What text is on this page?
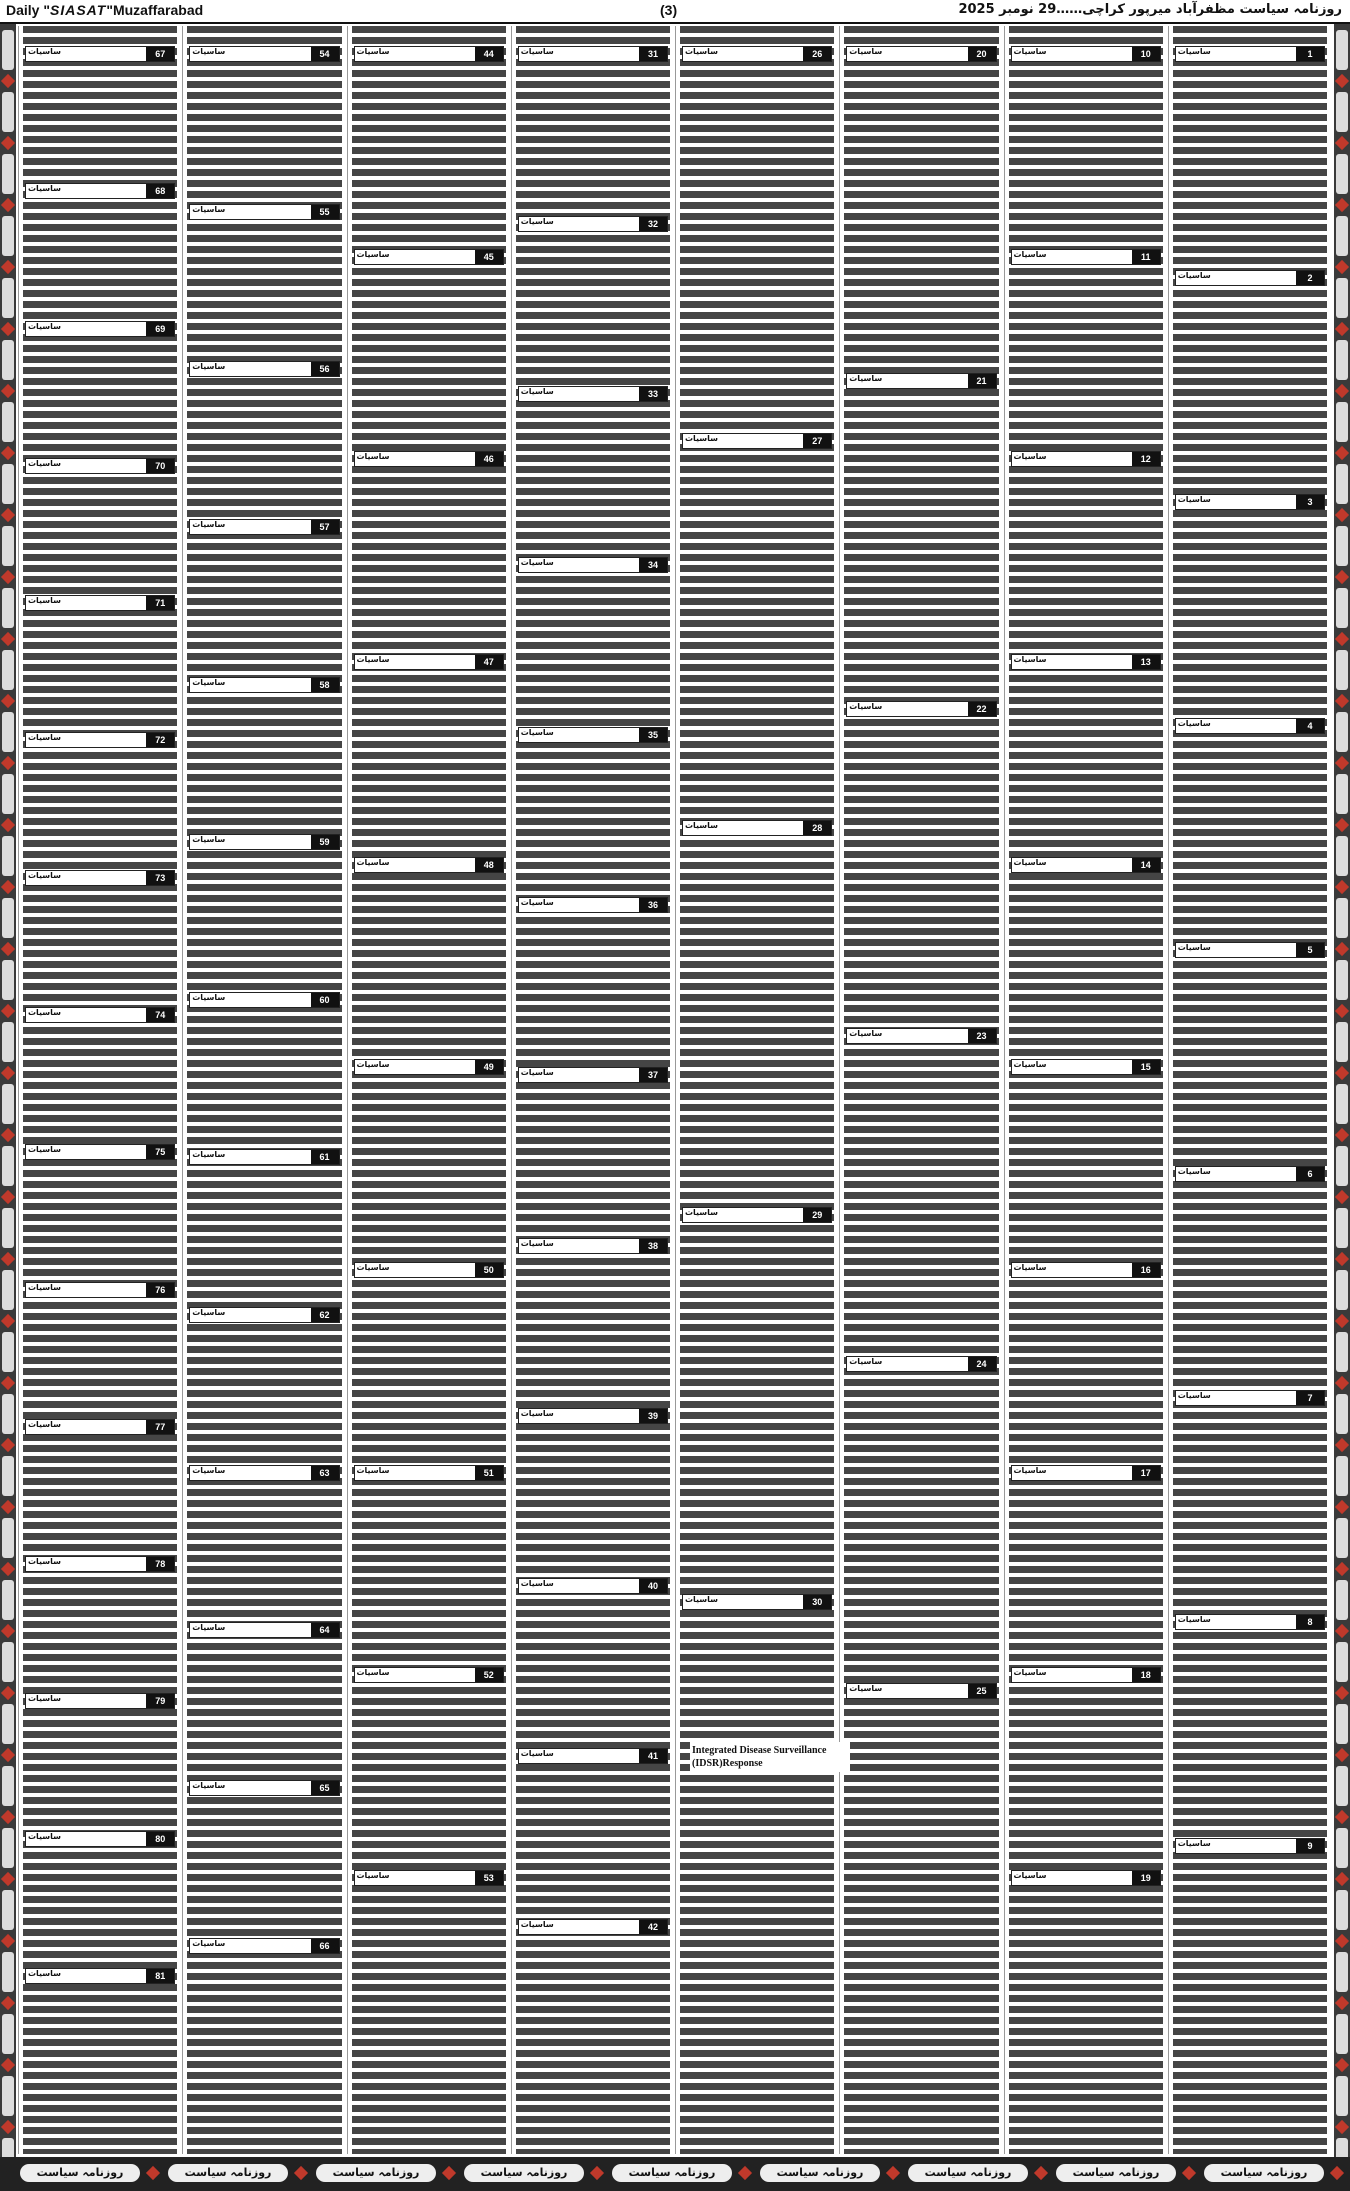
Daily "SIASAT"Muzaffarabad	(3)	روزنامہ سیاست مظفرآباد میرپور کراچی……29 نومبر 2025
ساسیات	67
ساسیات	68
ساسیات	69
ساسیات	70
ساسیات	71
ساسیات	72
ساسیات	73
ساسیات	74
ساسیات	75
ساسیات	76
ساسیات	77
ساسیات	78
ساسیات	79
ساسیات	80
ساسیات	81
ساسیات	54
ساسیات	55
ساسیات	56
ساسیات	57
ساسیات	58
ساسیات	59
ساسیات	60
ساسیات	61
ساسیات	62
ساسیات	63
ساسیات	64
ساسیات	65
ساسیات	66
ساسیات	44
ساسیات	45
ساسیات	46
ساسیات	47
ساسیات	48
ساسیات	49
ساسیات	50
ساسیات	51
ساسیات	52
ساسیات	53
ساسیات	31
ساسیات	32
ساسیات	33
ساسیات	34
ساسیات	35
ساسیات	36
ساسیات	37
ساسیات	38
ساسیات	39
ساسیات	40
ساسیات	41
ساسیات	42
ساسیات	26
ساسیات	27
ساسیات	28
ساسیات	29
ساسیات	30
ساسیات	20
ساسیات	21
ساسیات	22
ساسیات	23
ساسیات	24
ساسیات	25
ساسیات	10
ساسیات	11
ساسیات	12
ساسیات	13
ساسیات	14
ساسیات	15
ساسیات	16
ساسیات	17
ساسیات	18
ساسیات	19
ساسیات	1
ساسیات	2
ساسیات	3
ساسیات	4
ساسیات	5
ساسیات	6
ساسیات	7
ساسیات	8
ساسیات	9
Integrated Disease Surveillance
(IDSR)Response
روزنامہ سیاست	روزنامہ سیاست	روزنامہ سیاست	روزنامہ سیاست	روزنامہ سیاست	روزنامہ سیاست	روزنامہ سیاست	روزنامہ سیاست	روزنامہ سیاست
